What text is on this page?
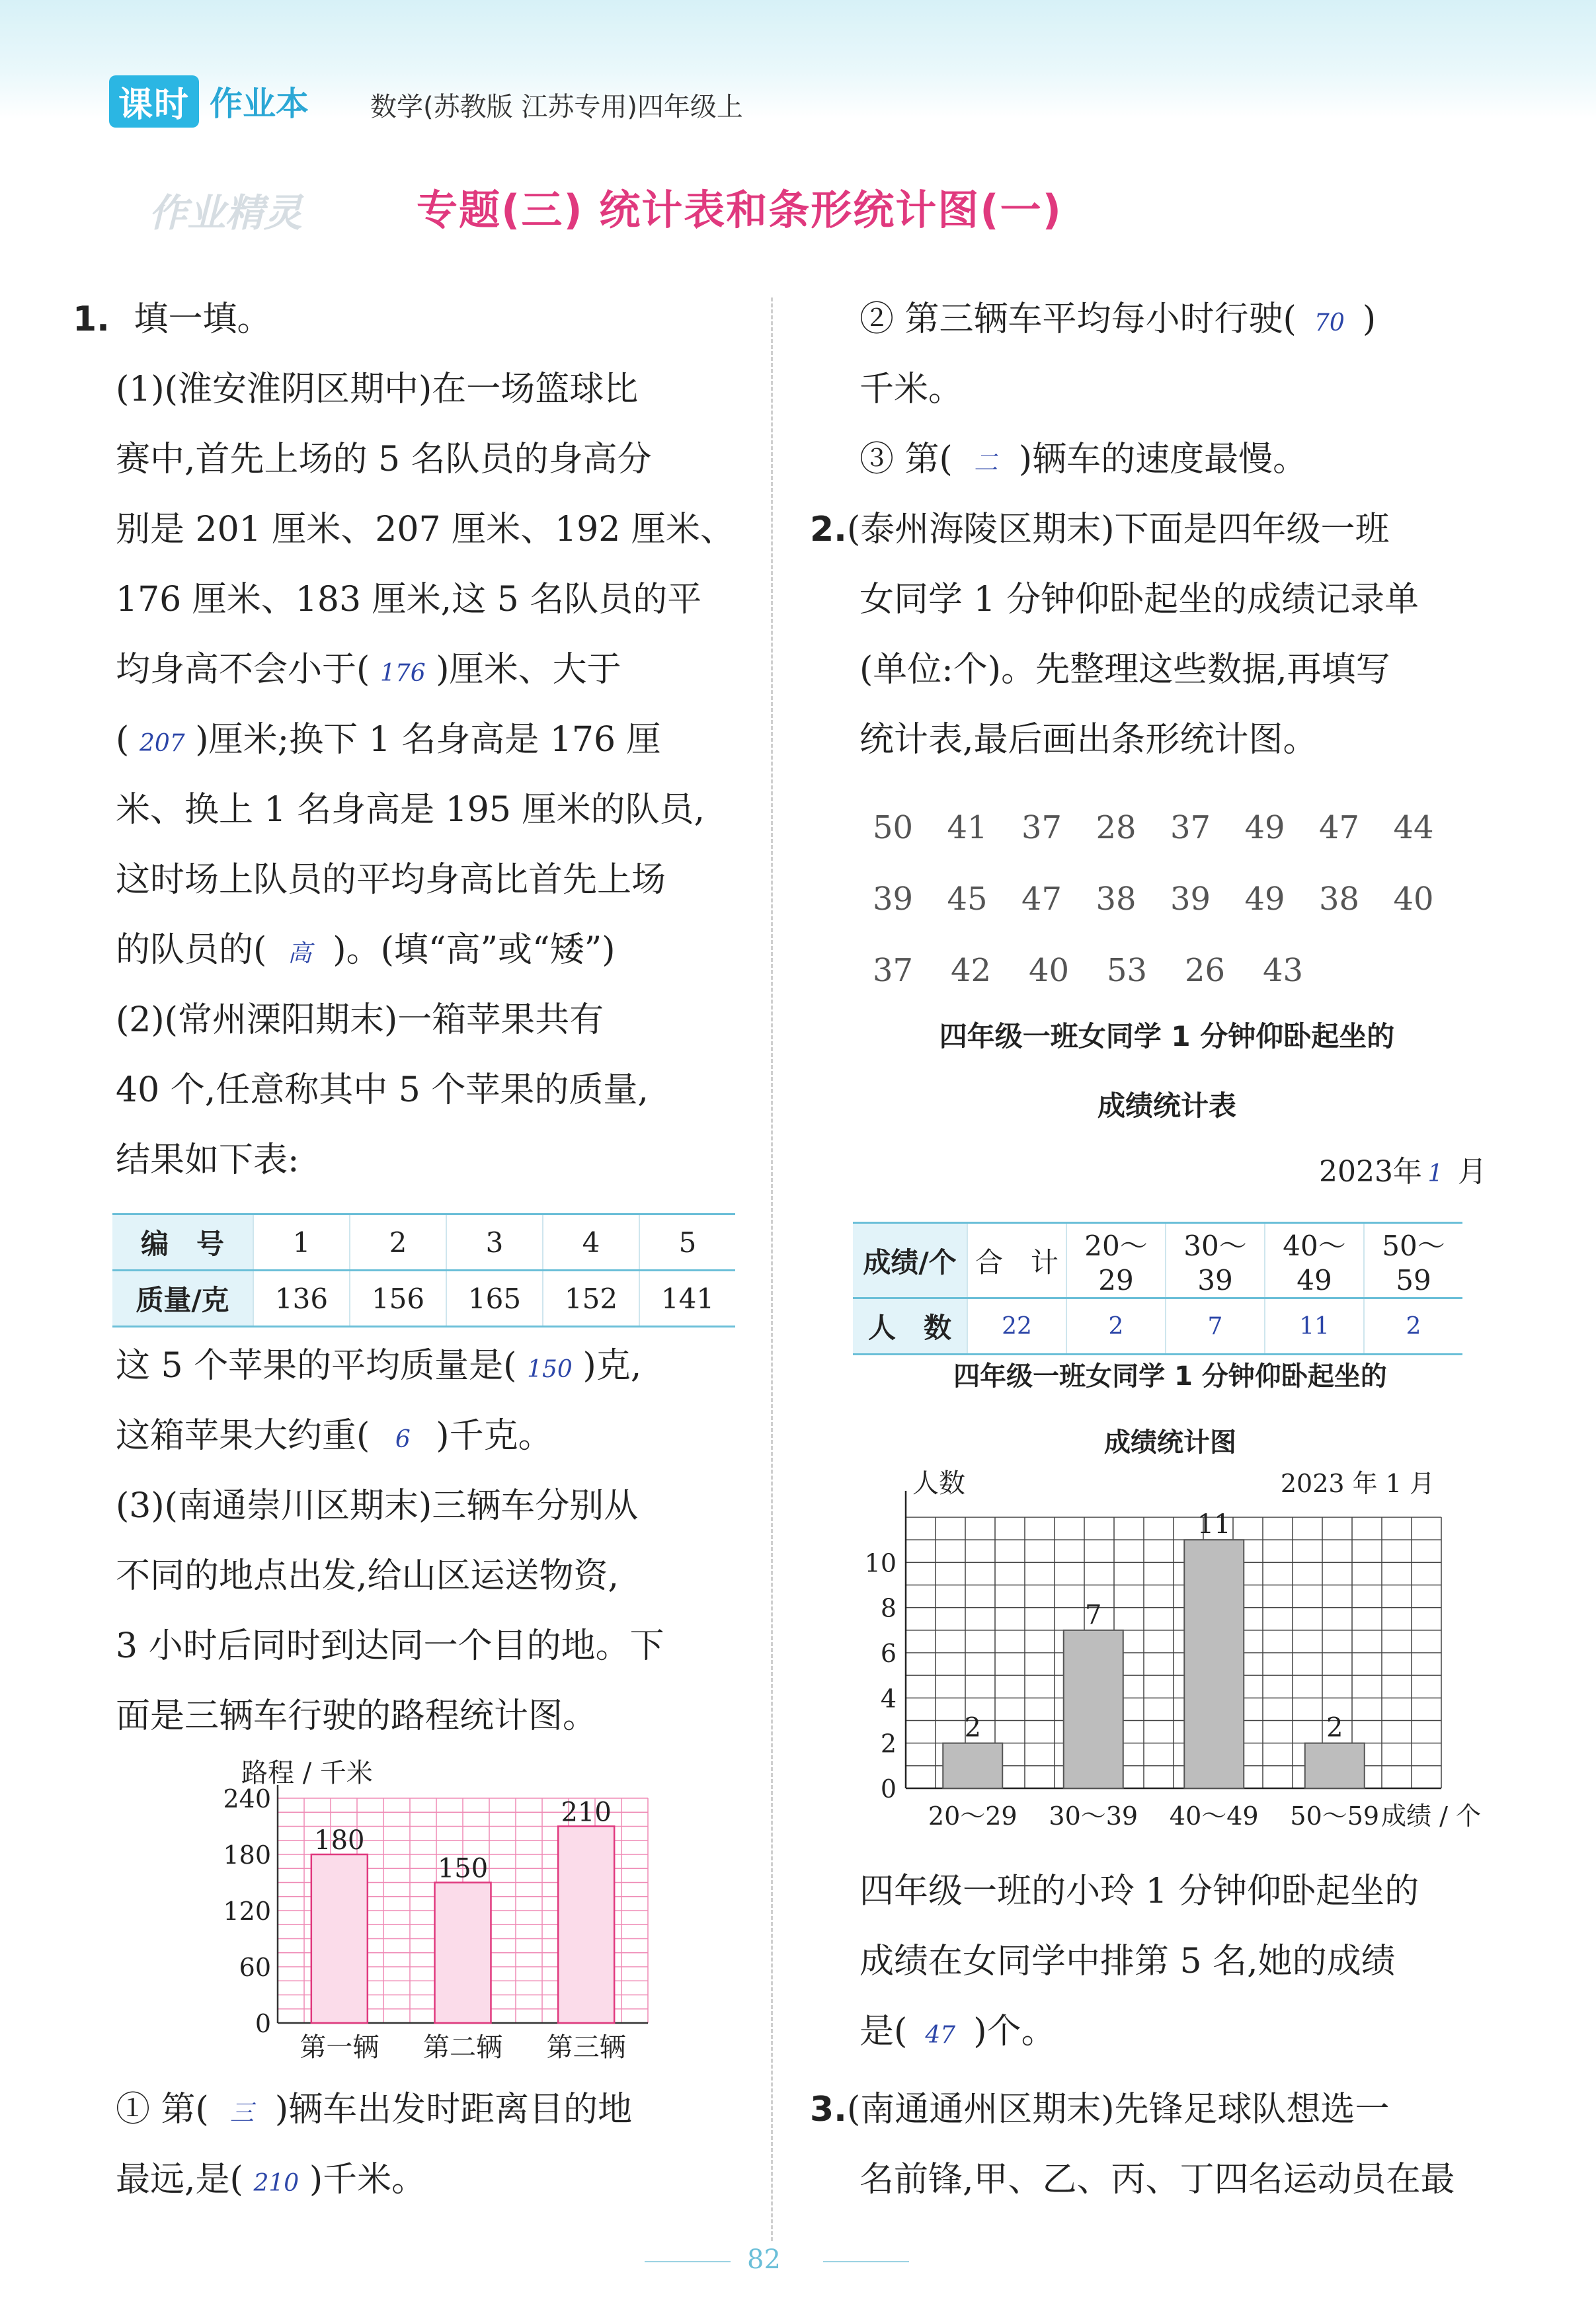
课时 作业本 数学(苏教版 江苏专用)四年级上
作业精灵	专题(三) 统计表和条形统计图(一)
1. 填一填。
(1)(淮安淮阴区期中)在一场篮球比
赛中,首先上场的 5 名队员的身高分
别是 201 厘米、207 厘米、192 厘米、
176 厘米、183 厘米,这 5 名队员的平
均身高不会小于( 176 )厘米、大于
( 207 )厘米;换下 1 名身高是 176 厘
米、换上 1 名身高是 195 厘米的队员,
这时场上队员的平均身高比首先上场
的队员的( 高 )。(填“高”或“矮”)
(2)(常州溧阳期末)一箱苹果共有
40 个,任意称其中 5 个苹果的质量,
结果如下表:
编　号	1	2	3	4	5
质量/克	136	156	165	152	141
这 5 个苹果的平均质量是( 150 )克,
这箱苹果大约重( 6 )千克。
(3)(南通崇川区期末)三辆车分别从
不同的地点出发,给山区运送物资,
3 小时后同时到达同一个目的地。下
面是三辆车行驶的路程统计图。
路程 / 千米
0
60
120
180
240
180
第一辆
150
第二辆
210
第三辆
① 第( 三 )辆车出发时距离目的地
最远,是( 210 )千米。
② 第三辆车平均每小时行驶( 70 )
千米。
③ 第( 二 )辆车的速度最慢。
2.(泰州海陵区期末)下面是四年级一班
女同学 1 分钟仰卧起坐的成绩记录单
(单位:个)。先整理这些数据,再填写
统计表,最后画出条形统计图。
50	41	37	28	37	49	47	44
39	45	47	38	39	49	38	40
37	42	40	53	26	43
四年级一班女同学 1 分钟仰卧起坐的
成绩统计表
2023年 1 月
成绩/个	合　计	20～29	30～39	40～49	50～59
人　数	22	2	7	11	2
四年级一班女同学 1 分钟仰卧起坐的
成绩统计图
人数	2023 年 1 月
0
2
4
6
8
10
2
20～29
7
30～39
11
40～49
2
50～59 成绩 / 个
四年级一班的小玲 1 分钟仰卧起坐的
成绩在女同学中排第 5 名,她的成绩
是( 47 )个。
3.(南通通州区期末)先锋足球队想选一
名前锋,甲、乙、丙、丁四名运动员在最
82
